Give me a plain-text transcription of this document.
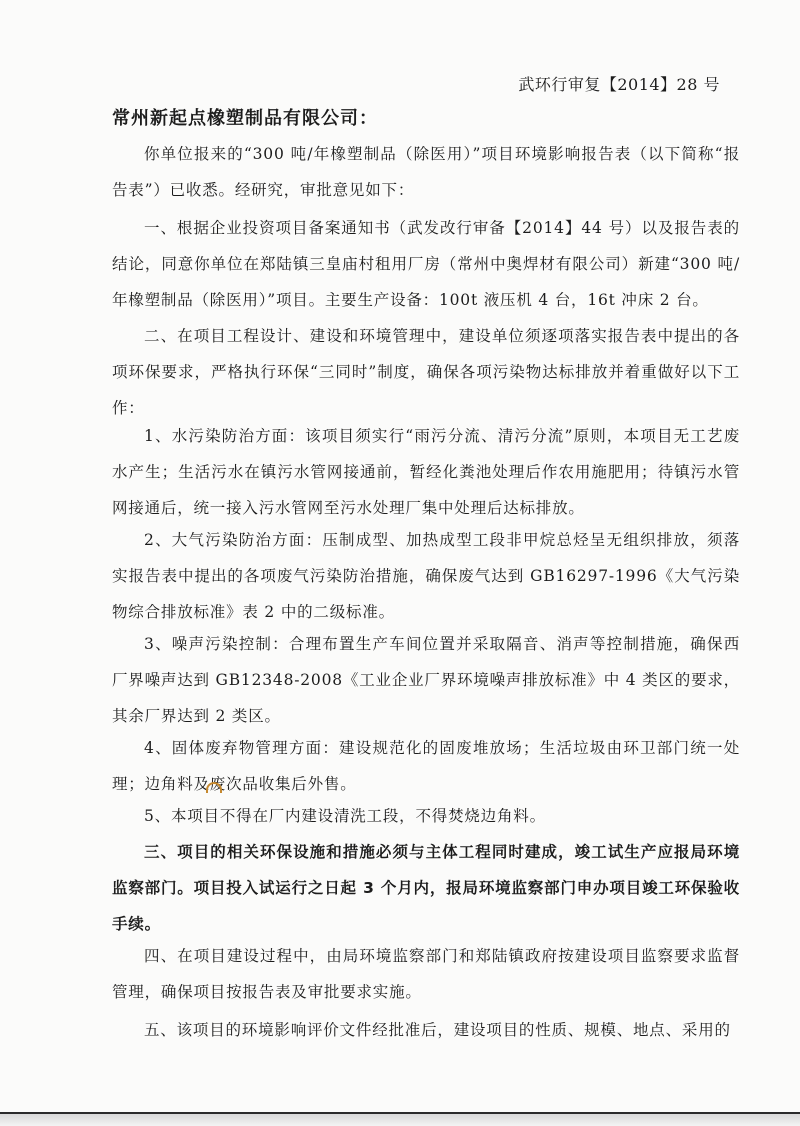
武环行审复【2014】28 号
常州新起点橡塑制品有限公司：

你单位报来的“300 吨/年橡塑制品（除医用）”项目环境影响报告表（以下简称“报告表”）已收悉。经研究，审批意见如下：

一、根据企业投资项目备案通知书（武发改行审备【2014】44 号）以及报告表的结论，同意你单位在郑陆镇三皇庙村租用厂房（常州中奥焊材有限公司）新建“300 吨/年橡塑制品（除医用）”项目。主要生产设备：100t 液压机 4 台，16t 冲床 2 台。

二、在项目工程设计、建设和环境管理中，建设单位须逐项落实报告表中提出的各项环保要求，严格执行环保“三同时”制度，确保各项污染物达标排放并着重做好以下工作：

1、水污染防治方面：该项目须实行“雨污分流、清污分流”原则，本项目无工艺废水产生；生活污水在镇污水管网接通前，暂经化粪池处理后作农用施肥用；待镇污水管网接通后，统一接入污水管网至污水处理厂集中处理后达标排放。

2、大气污染防治方面：压制成型、加热成型工段非甲烷总烃呈无组织排放，须落实报告表中提出的各项废气污染防治措施，确保废气达到 GB16297-1996《大气污染物综合排放标准》表 2 中的二级标准。

3、噪声污染控制：合理布置生产车间位置并采取隔音、消声等控制措施，确保西厂界噪声达到 GB12348-2008《工业企业厂界环境噪声排放标准》中 4 类区的要求，其余厂界达到 2 类区。

4、固体废弃物管理方面：建设规范化的固废堆放场；生活垃圾由环卫部门统一处理；边角料及废次品收集后外售。

5、本项目不得在厂内建设清洗工段，不得焚烧边角料。

三、项目的相关环保设施和措施必须与主体工程同时建成，竣工试生产应报局环境监察部门。项目投入试运行之日起 3 个月内，报局环境监察部门申办项目竣工环保验收手续。

四、在项目建设过程中，由局环境监察部门和郑陆镇政府按建设项目监察要求监督管理，确保项目按报告表及审批要求实施。

五、该项目的环境影响评价文件经批准后，建设项目的性质、规模、地点、采用的
